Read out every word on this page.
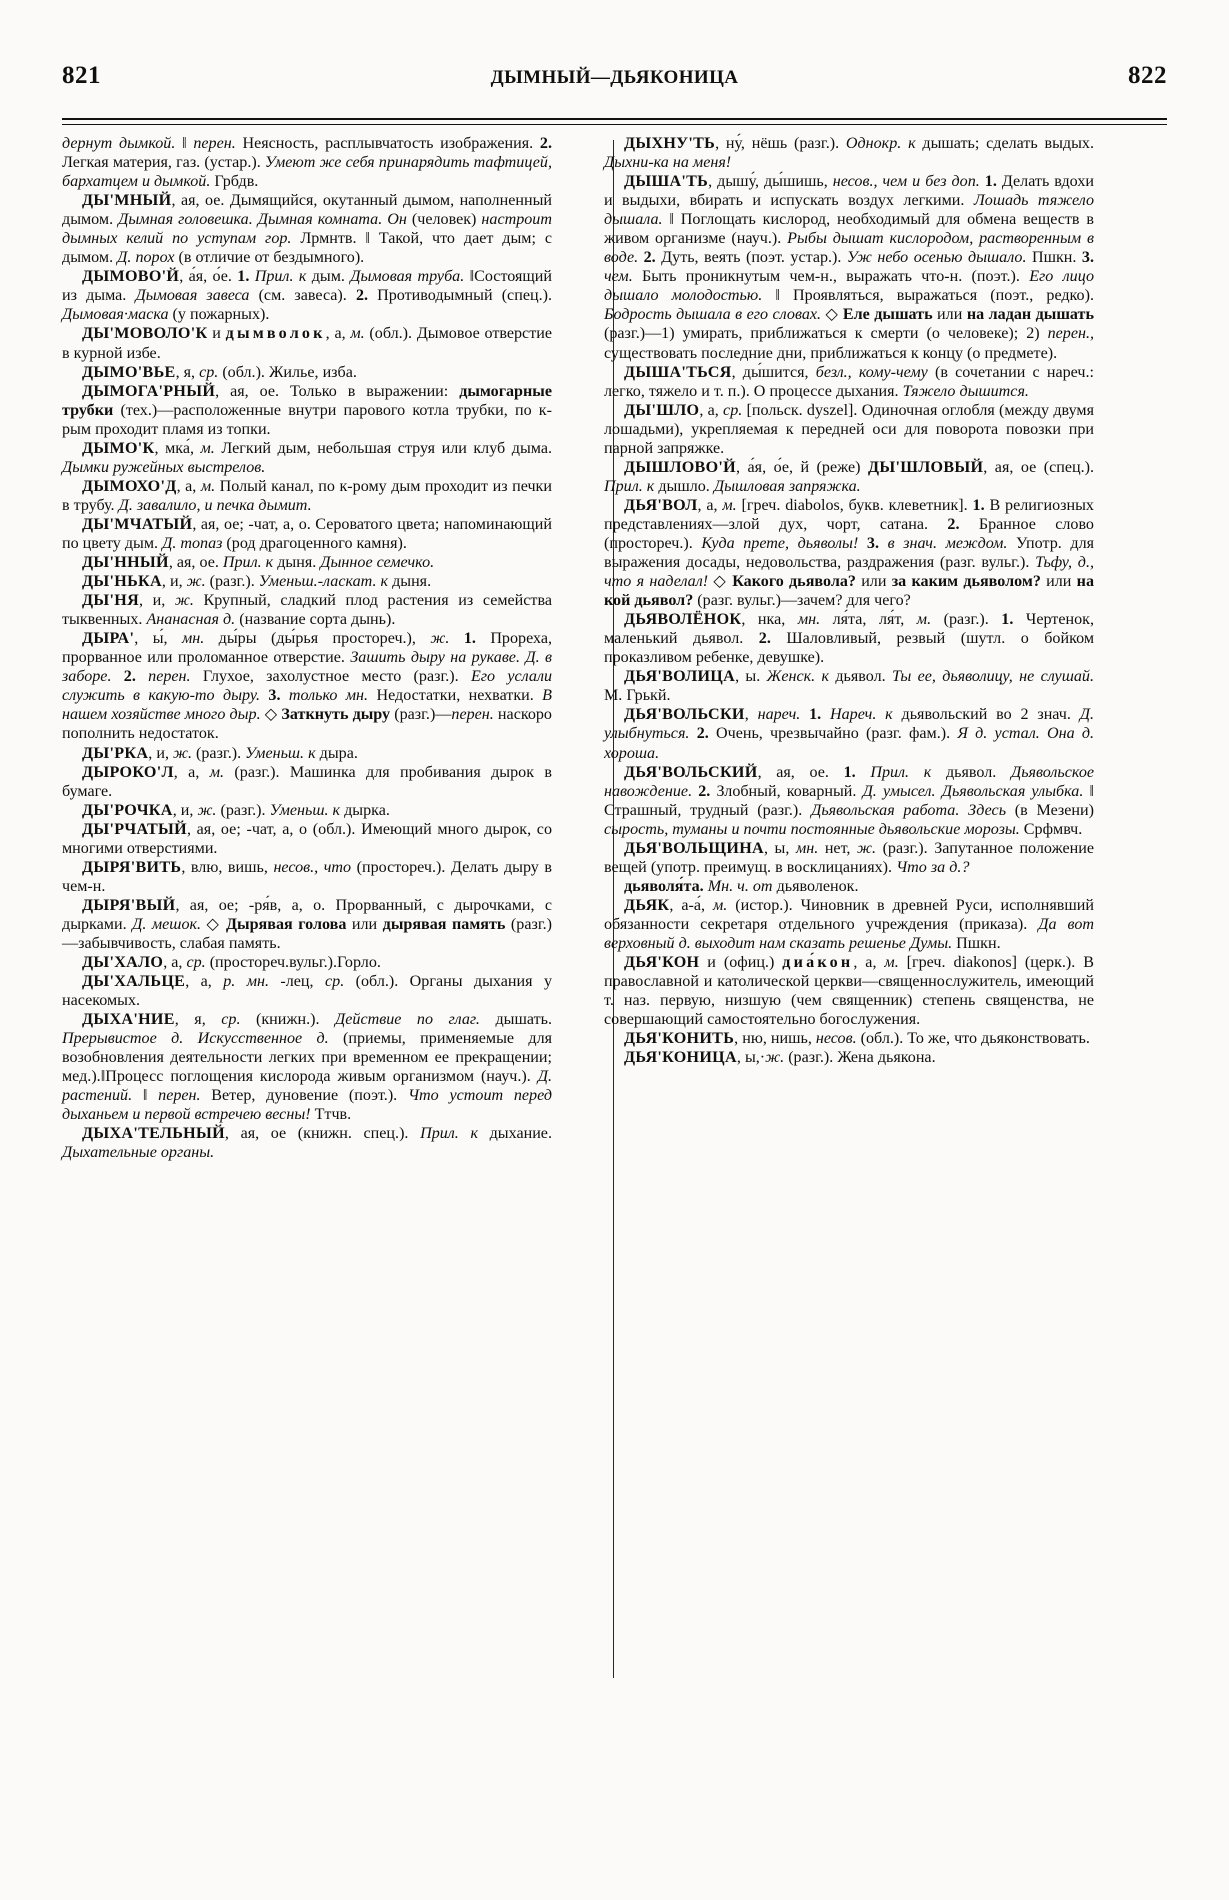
821	ДЫМНЫЙ—ДЬЯКОНИЦА	822

дернут дымкой. ‖ перен. Неясность, расплывчатость изображения. 2. Легкая материя, газ. (устар.). Умеют же себя принарядить тафтицей, бархатцем и дымкой. Грбдв.

ДЫ'МНЫЙ, ая, ое. Дымящийся, окутанный дымом, наполненный дымом. Дымная головешка. Дымная комната. Он (человек) настроит дымных келий по уступам гор. Лрмнтв. ‖ Такой, что дает дым; с дымом. Д. порох (в отличие от бездымного).

ДЫМОВО'Й, а́я, о́е. 1. Прил. к дым. Дымовая труба. ‖Состоящий из дыма. Дымовая завеса (см. завеса). 2. Противодымный (спец.). Дымовая·маска (у пожарных).

ДЫ'МОВОЛО'К и дымволок, а, м. (обл.). Дымовое отверстие в курной избе.

ДЫМО'ВЬЕ, я, ср. (обл.). Жилье, изба.

ДЫМОГА'РНЫЙ, ая, ое. Только в выражении: дымогарные трубки (тех.)—расположенные внутри парового котла трубки, по к-рым проходит пламя из топки.

ДЫМО'К, мка́, м. Легкий дым, небольшая струя или клуб дыма. Дымки ружейных выстрелов.

ДЫМОХО'Д, а, м. Полый канал, по к-рому дым проходит из печки в трубу. Д. завалило, и печка дымит.

ДЫ'МЧАТЫЙ, ая, ое; -чат, а, о. Сероватого цвета; напоминающий по цвету дым. Д. топаз (род драгоценного камня).

ДЫ'ННЫЙ, ая, ое. Прил. к дыня. Дынное семечко.

ДЫ'НЬКА, и, ж. (разг.). Уменьш.-ласкат. к дыня.

ДЫ'НЯ, и, ж. Крупный, сладкий плод растения из семейства тыквенных. Ананасная д. (название сорта дынь).

ДЫРА', ы́, мн. ды́ры (ды́рья простореч.), ж. 1. Прореха, прорванное или проломанное отверстие. Зашить дыру на рукаве. Д. в заборе. 2. перен. Глухое, захолустное место (разг.). Его услали служить в какую-то дыру. 3. только мн. Недостатки, нехватки. В нашем хозяйстве много дыр. ◇ Заткнуть дыру (разг.)—перен. наскоро пополнить недостаток.

ДЫ'РКА, и, ж. (разг.). Уменьш. к дыра.

ДЫРОКО'Л, а, м. (разг.). Машинка для пробивания дырок в бумаге.

ДЫ'РОЧКА, и, ж. (разг.). Уменьш. к дырка.

ДЫ'РЧАТЫЙ, ая, ое; -чат, а, о (обл.). Имеющий много дырок, со многими отверстиями.

ДЫРЯ'ВИТЬ, влю, вишь, несов., что (простореч.). Делать дыру в чем-н.

ДЫРЯ'ВЫЙ, ая, ое; -ря́в, а, о. Прорванный, с дырочками, с дырками. Д. мешок. ◇ Дырявая голова или дырявая память (разг.)—забывчивость, слабая память.

ДЫ'ХАЛО, а, ср. (простореч.вульг.).Горло.

ДЫ'ХАЛЬЦЕ, а, р. мн. -лец, ср. (обл.). Органы дыхания у насекомых.

ДЫХА'НИЕ, я, ср. (книжн.). Действие по глаг. дышать. Прерывистое д. Искусственное д. (приемы, применяемые для возобновления деятельности легких при временном ее прекращении; мед.).‖Процесс поглощения кислорода живым организмом (науч.). Д. растений. ‖ перен. Ветер, дуновение (поэт.). Что устоит перед дыханьем и первой встречею весны! Ттчв.

ДЫХА'ТЕЛЬНЫЙ, ая, ое (книжн. спец.). Прил. к дыхание. Дыхательные органы.

ДЫХНУ'ТЬ, ну́, нёшь (разг.). Однокр. к дышать; сделать выдых. Дыхни-ка на меня!

ДЫША'ТЬ, дышу́, ды́шишь, несов., чем и без доп. 1. Делать вдохи и выдыхи, вбирать и испускать воздух легкими. Лошадь тяжело дышала. ‖ Поглощать кислород, необходимый для обмена веществ в живом организме (науч.). Рыбы дышат кислородом, растворенным в воде. 2. Дуть, веять (поэт. устар.). Уж небо осенью дышало. Пшкн. 3. чем. Быть проникнутым чем-н., выражать что-н. (поэт.). Его лицо дышало молодостью. ‖ Проявляться, выражаться (поэт., редко). Бодрость дышала в его словах. ◇ Еле дышать или на ладан дышать (разг.)—1) умирать, приближаться к смерти (о человеке); 2) перен., существовать последние дни, приближаться к концу (о предмете).

ДЫША'ТЬСЯ, ды́шится, безл., кому-чему (в сочетании с нареч.: легко, тяжело и т. п.). О процессе дыхания. Тяжело дышится.

ДЫ'ШЛО, а, ср. [польск. dyszel]. Одиночная оглобля (между двумя лошадьми), укрепляемая к передней оси для поворота повозки при парной запряжке.

ДЫШЛОВО'Й, а́я, о́е, й (реже) ДЫ'ШЛОВЫЙ, ая, ое (спец.). Прил. к дышло. Дышловая запряжка.

ДЬЯ'ВОЛ, а, м. [греч. diabolos, букв. клеветник]. 1. В религиозных представлениях—злой дух, чорт, сатана. 2. Бранное слово (простореч.). Куда прете, дьяволы! 3. в знач. междом. Употр. для выражения досады, недовольства, раздражения (разг. вульг.). Тьфу, д., что я наделал! ◇ Какого дьявола? или за каким дьяволом? или на кой дьявол? (разг. вульг.)—зачем? для чего?

ДЬЯВОЛЁНОК, нка, мн. ля́та, ля́т, м. (разг.). 1. Чертенок, маленький дьявол. 2. Шаловливый, резвый (шутл. о бойком проказливом ребенке, девушке).

ДЬЯ'ВОЛИЦА, ы. Женск. к дьявол. Ты ее, дьяволицу, не слушай. М. Грькй.

ДЬЯ'ВОЛЬСКИ, нареч. 1. Нареч. к дьявольский во 2 знач. Д. улыбнуться. 2. Очень, чрезвычайно (разг. фам.). Я д. устал. Она д. хороша.

ДЬЯ'ВОЛЬСКИЙ, ая, ое. 1. Прил. к дьявол. Дьявольское навождение. 2. Злобный, коварный. Д. умысел. Дьявольская улыбка. ‖ Страшный, трудный (разг.). Дьявольская работа. Здесь (в Мезени) сырость, туманы и почти постоянные дьявольские морозы. Срфмвч.

ДЬЯ'ВОЛЬЩИНА, ы, мн. нет, ж. (разг.). Запутанное положение вещей (употр. преимущ. в восклицаниях). Что за д.?

дьяволя́та. Мн. ч. от дьяволенок.

ДЬЯК, а-а́, м. (истор.). Чиновник в древней Руси, исполнявший обязанности секретаря отдельного учреждения (приказа). Да вот верховный д. выходит нам сказать решенье Думы. Пшкн.

ДЬЯ'КОН и (офиц.) диа́кон, а, м. [греч. diakonos] (церк.). В православной и католической церкви—священнослужитель, имеющий т. наз. первую, низшую (чем священник) степень священства, не совершающий самостоятельно богослужения.

ДЬЯ'КОНИТЬ, ню, нишь, несов. (обл.). То же, что дьяконствовать.

ДЬЯ'КОНИЦА, ы,·ж. (разг.). Жена дьякона.
